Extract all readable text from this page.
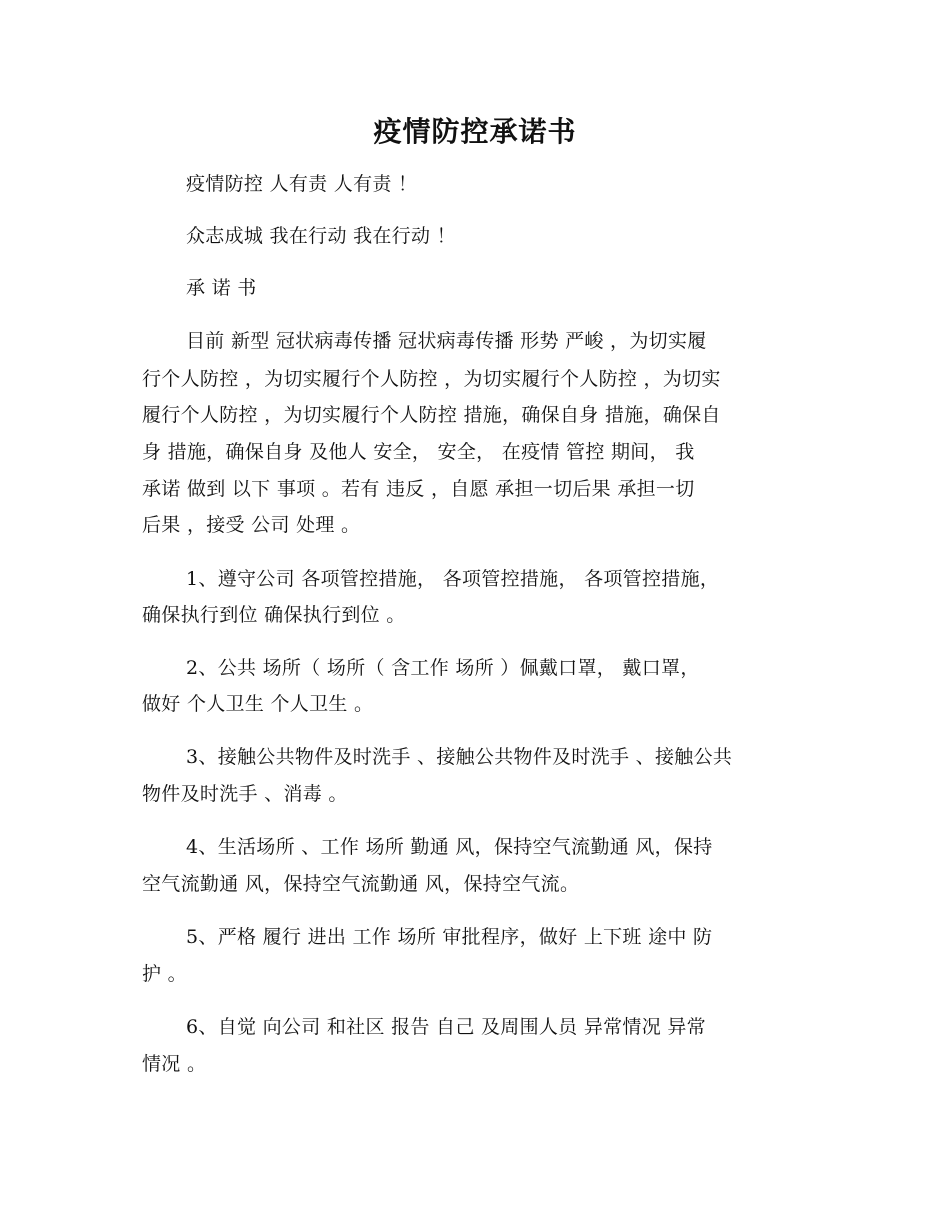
疫情防控承诺书
疫情防控 人有责 人有责 ！
众志成城 我在行动 我在行动 ！
承 诺 书
目前 新型 冠状病毒传播 冠状病毒传播 形势 严峻 ，为切实履
行个人防控 ，为切实履行个人防控 ，为切实履行个人防控 ，为切实
履行个人防控 ，为切实履行个人防控 措施，确保自身 措施，确保自
身 措施，确保自身 及他人 安全， 安全， 在疫情 管控 期间， 我
承诺 做到 以下 事项 。若有 违反 ，自愿 承担一切后果 承担一切
后果 ，接受 公司 处理 。
1、遵守公司 各项管控措施， 各项管控措施， 各项管控措施，
确保执行到位 确保执行到位 。
2、公共 场所（ 场所（ 含工作 场所 ）佩戴口罩， 戴口罩，
做好 个人卫生 个人卫生 。
3、接触公共物件及时洗手 、接触公共物件及时洗手 、接触公共
物件及时洗手 、消毒 。
4、生活场所 、工作 场所 勤通 风，保持空气流勤通 风，保持
空气流勤通 风，保持空气流勤通 风，保持空气流。
5、严格 履行 进出 工作 场所 审批程序，做好 上下班 途中 防
护 。
6、自觉 向公司 和社区 报告 自己 及周围人员 异常情况 异常
情况 。
